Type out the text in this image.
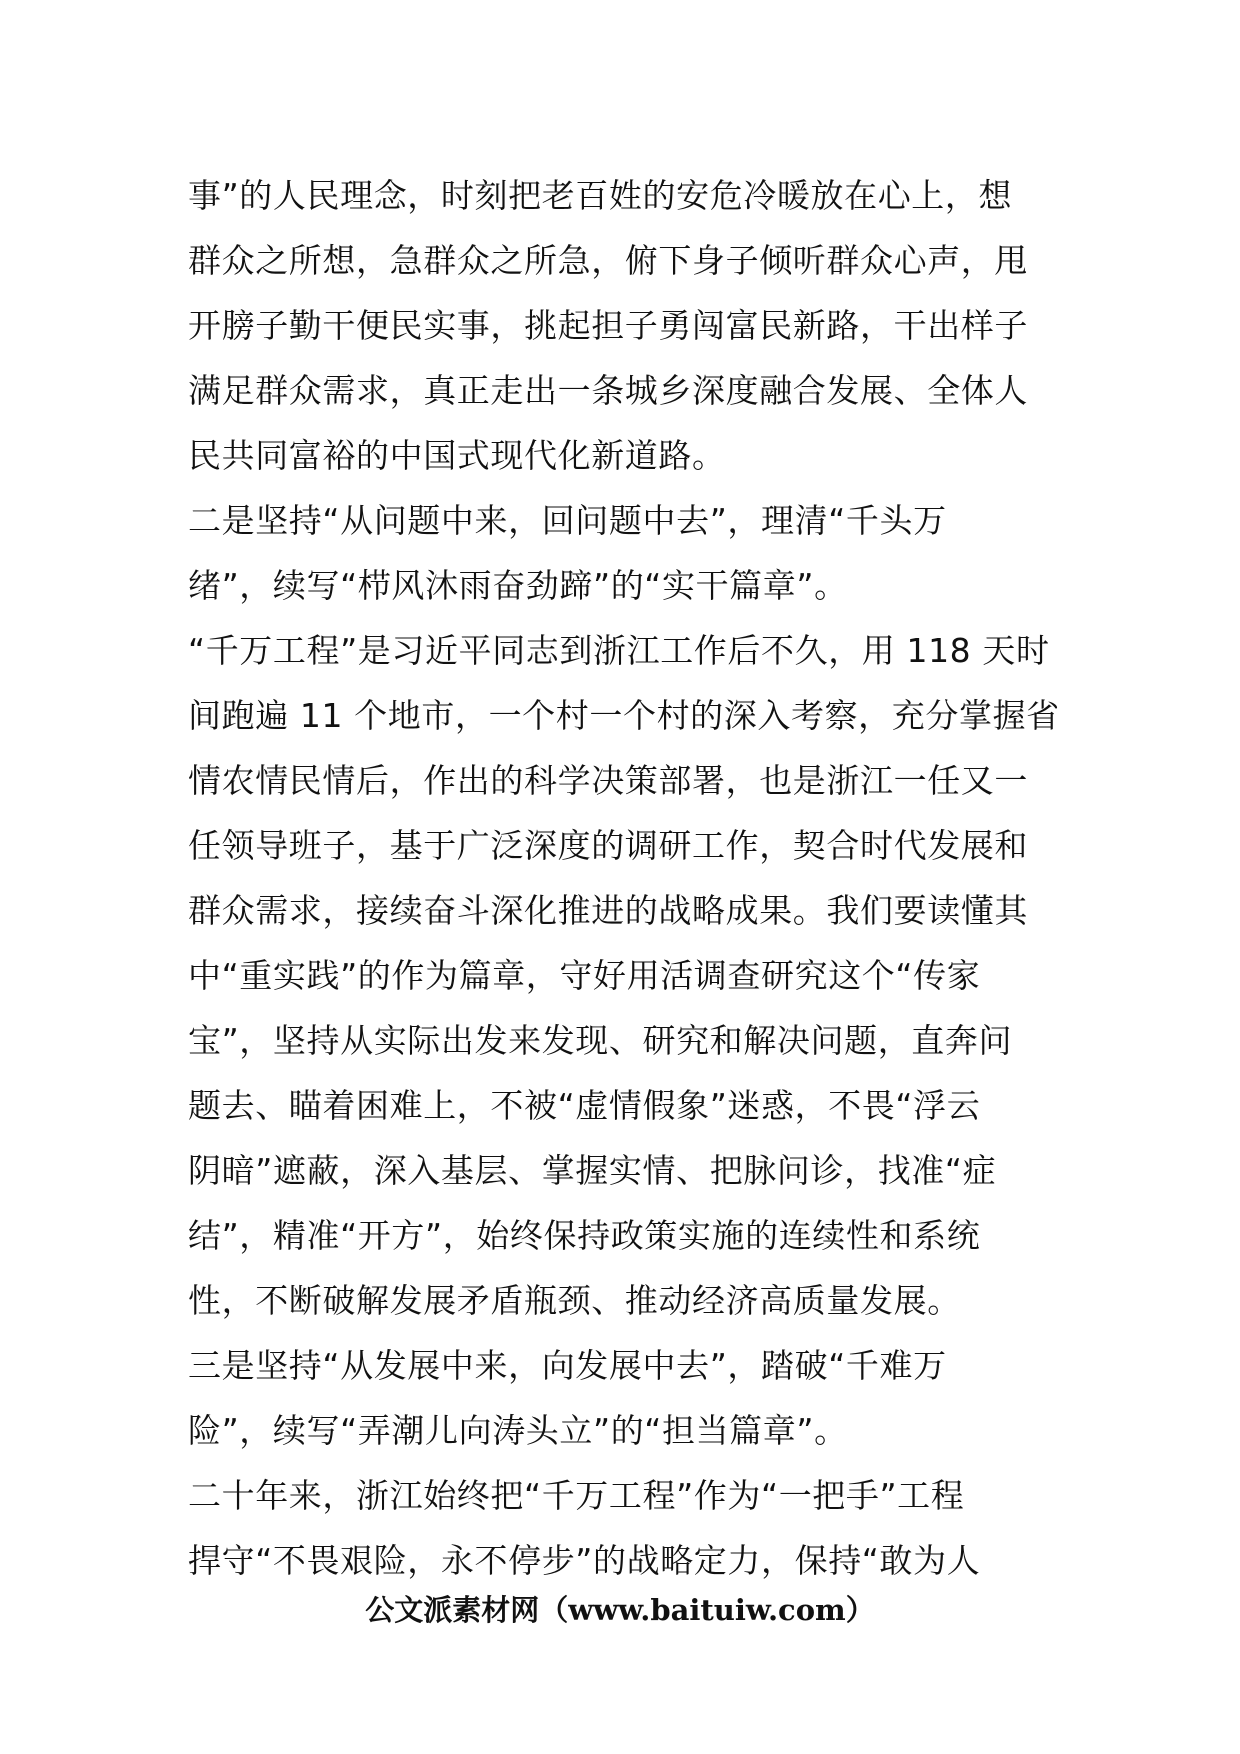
事”的人民理念，时刻把老百姓的安危冷暖放在心上，想
群众之所想，急群众之所急，俯下身子倾听群众心声，甩
开膀子勤干便民实事，挑起担子勇闯富民新路，干出样子
满足群众需求，真正走出一条城乡深度融合发展、全体人
民共同富裕的中国式现代化新道路。
二是坚持“从问题中来，回问题中去”，理清“千头万
绪”，续写“栉风沐雨奋劲蹄”的“实干篇章”。
“千万工程”是习近平同志到浙江工作后不久，用 118 天时
间跑遍 11 个地市，一个村一个村的深入考察，充分掌握省
情农情民情后，作出的科学决策部署，也是浙江一任又一
任领导班子，基于广泛深度的调研工作，契合时代发展和
群众需求，接续奋斗深化推进的战略成果。我们要读懂其
中“重实践”的作为篇章，守好用活调查研究这个“传家
宝”，坚持从实际出发来发现、研究和解决问题，直奔问
题去、瞄着困难上，不被“虚情假象”迷惑，不畏“浮云
阴暗”遮蔽，深入基层、掌握实情、把脉问诊，找准“症
结”，精准“开方”，始终保持政策实施的连续性和系统
性，不断破解发展矛盾瓶颈、推动经济高质量发展。
三是坚持“从发展中来，向发展中去”，踏破“千难万
险”，续写“弄潮儿向涛头立”的“担当篇章”。
二十年来，浙江始终把“千万工程”作为“一把手”工程
捍守“不畏艰险，永不停步”的战略定力，保持“敢为人
公文派素材网（www.baituiw.com）
